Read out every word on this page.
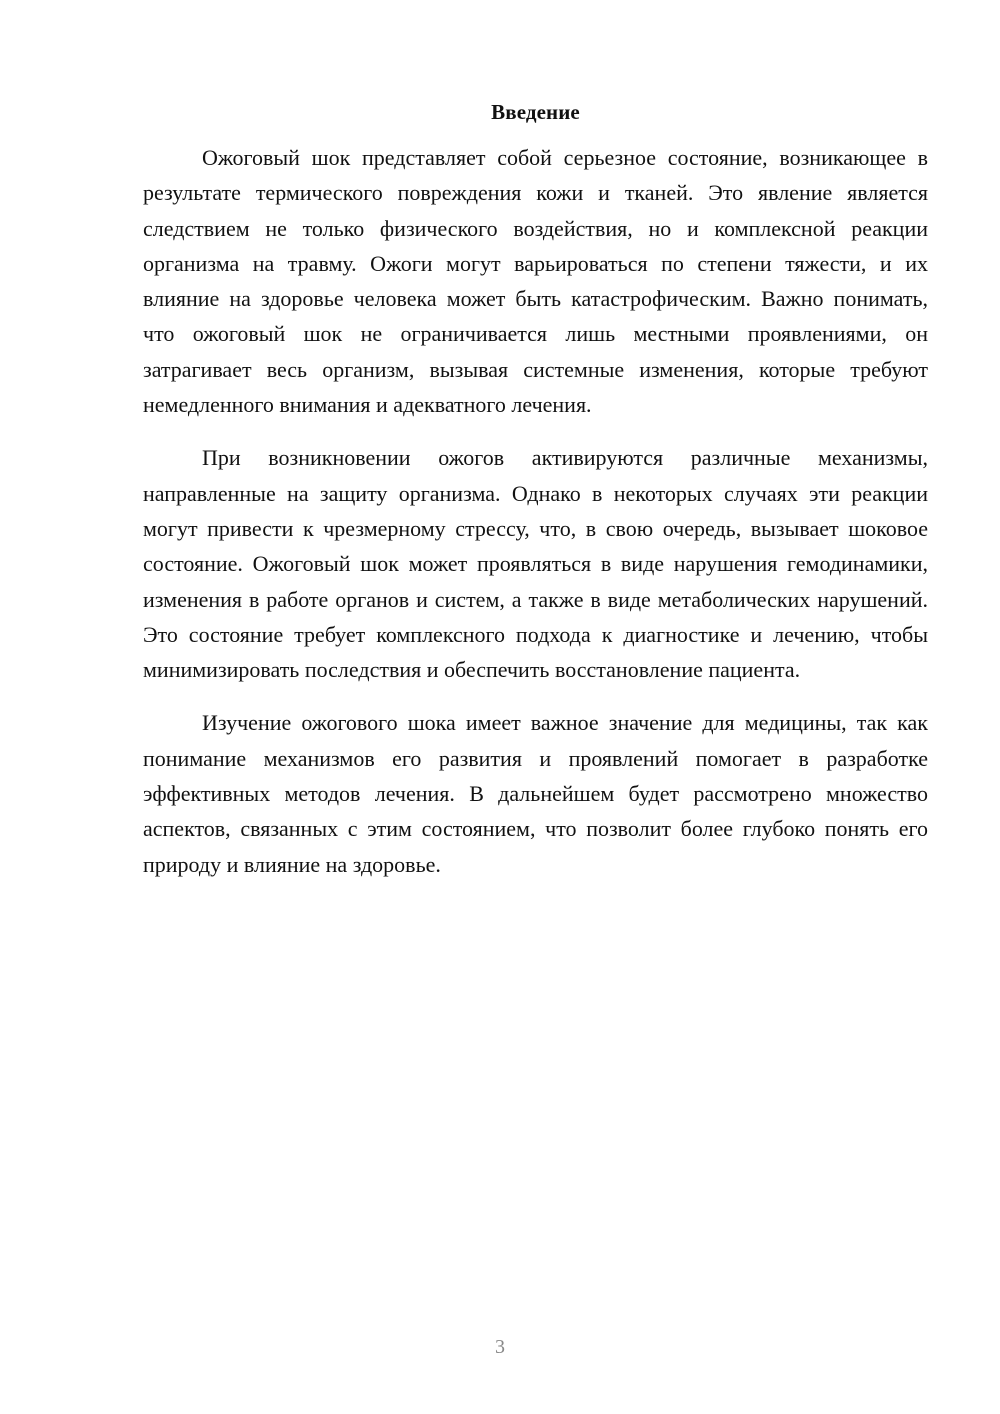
Введение

Ожоговый шок представляет собой серьезное состояние, возникающее в результате термического повреждения кожи и тканей. Это явление является следствием не только физического воздействия, но и комплексной реакции организма на травму. Ожоги могут варьироваться по степени тяжести, и их влияние на здоровье человека может быть катастрофическим. Важно понимать, что ожоговый шок не ограничивается лишь местными проявлениями, он затрагивает весь организм, вызывая системные изменения, которые требуют немедленного внимания и адекватного лечения.

При возникновении ожогов активируются различные механизмы, направленные на защиту организма. Однако в некоторых случаях эти реакции могут привести к чрезмерному стрессу, что, в свою очередь, вызывает шоковое состояние. Ожоговый шок может проявляться в виде нарушения гемодинамики, изменения в работе органов и систем, а также в виде метаболических нарушений. Это состояние требует комплексного подхода к диагностике и лечению, чтобы минимизировать последствия и обеспечить восстановление пациента.

Изучение ожогового шока имеет важное значение для медицины, так как понимание механизмов его развития и проявлений помогает в разработке эффективных методов лечения. В дальнейшем будет рассмотрено множество аспектов, связанных с этим состоянием, что позволит более глубоко понять его природу и влияние на здоровье.

3
